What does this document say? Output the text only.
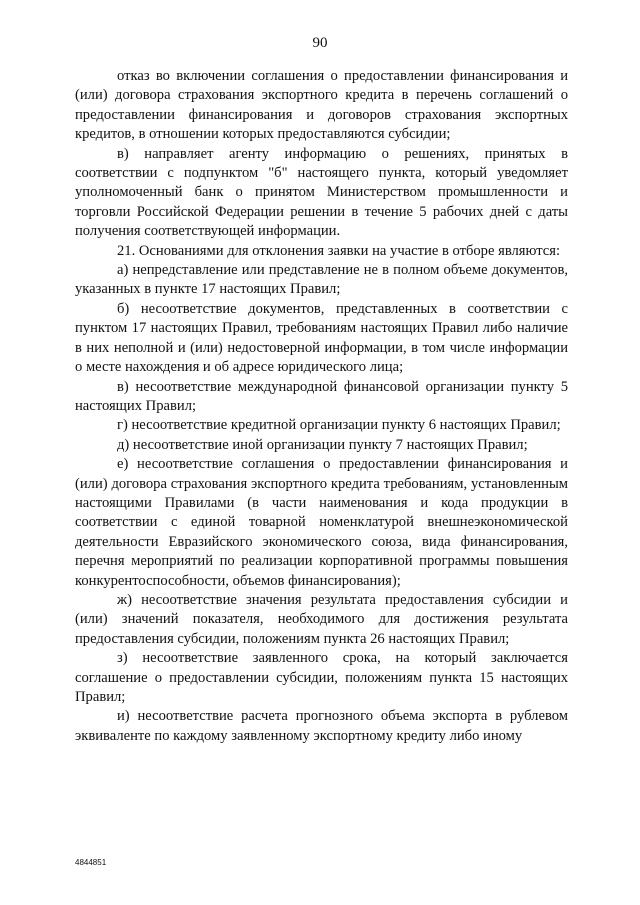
90

отказ во включении соглашения о предоставлении финансирования и (или) договора страхования экспортного кредита в перечень соглашений о предоставлении финансирования и договоров страхования экспортных кредитов, в отношении которых предоставляются субсидии;

в) направляет агенту информацию о решениях, принятых в соответствии с подпунктом "б" настоящего пункта, который уведомляет уполномоченный банк о принятом Министерством промышленности и торговли Российской Федерации решении в течение 5 рабочих дней с даты получения соответствующей информации.

21. Основаниями для отклонения заявки на участие в отборе являются:

а) непредставление или представление не в полном объеме документов, указанных в пункте 17 настоящих Правил;

б) несоответствие документов, представленных в соответствии с пунктом 17 настоящих Правил, требованиям настоящих Правил либо наличие в них неполной и (или) недостоверной информации, в том числе информации о месте нахождения и об адресе юридического лица;

в) несоответствие международной финансовой организации пункту 5 настоящих Правил;

г) несоответствие кредитной организации пункту 6 настоящих Правил;

д) несоответствие иной организации пункту 7 настоящих Правил;

е) несоответствие соглашения о предоставлении финансирования и (или) договора страхования экспортного кредита требованиям, установленным настоящими Правилами (в части наименования и кода продукции в соответствии с единой товарной номенклатурой внешнеэкономической деятельности Евразийского экономического союза, вида финансирования, перечня мероприятий по реализации корпоративной программы повышения конкурентоспособности, объемов финансирования);

ж) несоответствие значения результата предоставления субсидии и (или) значений показателя, необходимого для достижения результата предоставления субсидии, положениям пункта 26 настоящих Правил;

з) несоответствие заявленного срока, на который заключается соглашение о предоставлении субсидии, положениям пункта 15 настоящих Правил;

и) несоответствие расчета прогнозного объема экспорта в рублевом эквиваленте по каждому заявленному экспортному кредиту либо иному

4844851
